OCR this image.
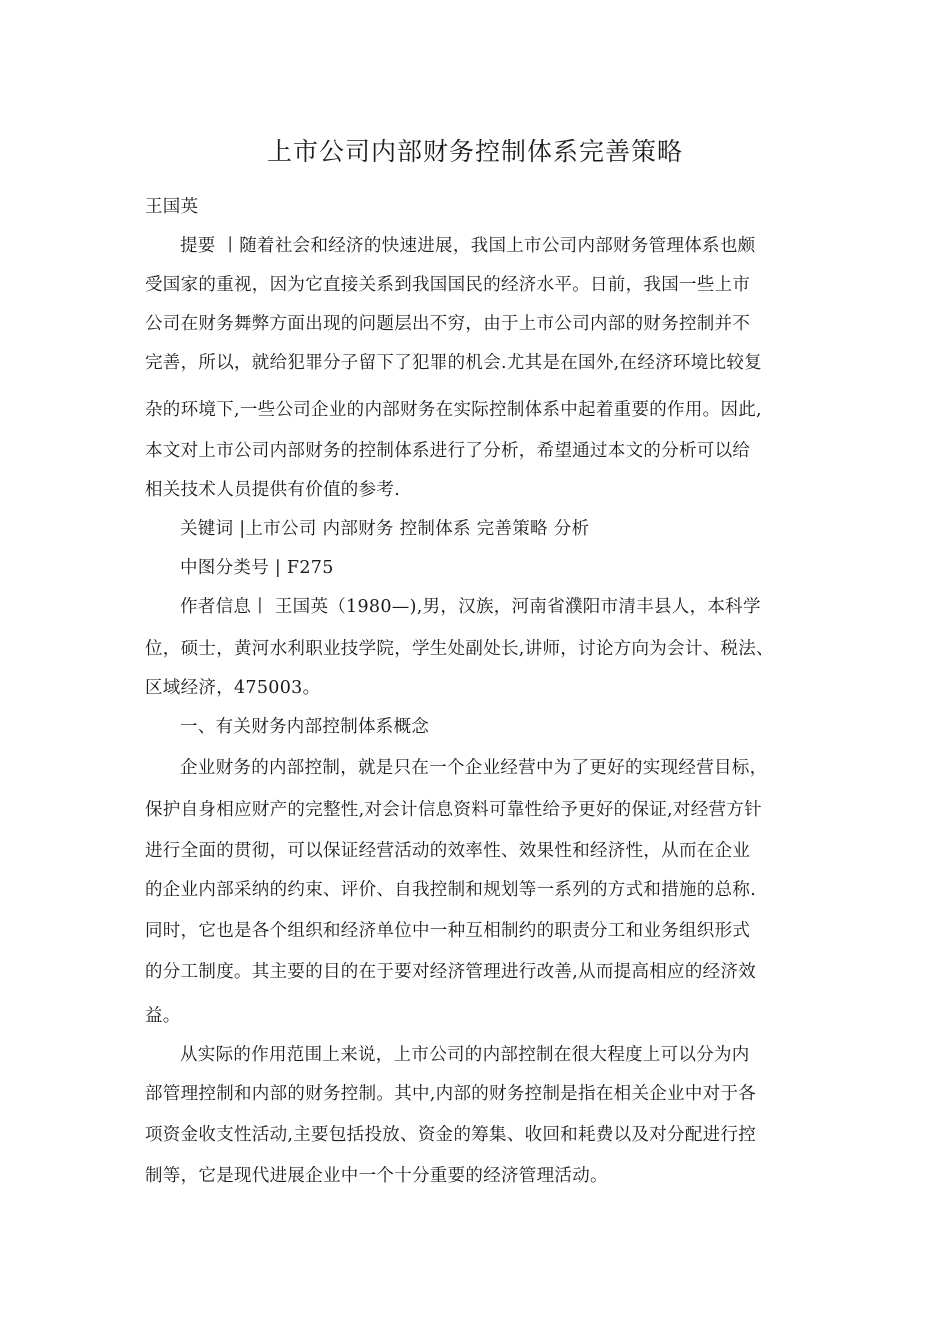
上市公司内部财务控制体系完善策略
王国英
提要 丨随着社会和经济的快速进展，我国上市公司内部财务管理体系也颇
受国家的重视，因为它直接关系到我国国民的经济水平。日前，我国一些上市
公司在财务舞弊方面出现的问题层出不穷，由于上市公司内部的财务控制并不
完善，所以，就给犯罪分子留下了犯罪的机会.尤其是在国外,在经济环境比较复
杂的环境下,一些公司企业的内部财务在实际控制体系中起着重要的作用。因此,
本文对上市公司内部财务的控制体系进行了分析，希望通过本文的分析可以给
相关技术人员提供有价值的参考.
关键词 |上市公司 内部财务 控制体系 完善策略 分析
中图分类号 | F275
作者信息丨 王国英（1980—),男，汉族，河南省濮阳市清丰县人，本科学
位，硕士，黄河水利职业技学院，学生处副处长,讲师，讨论方向为会计、税法、
区域经济，475003。
一、有关财务内部控制体系概念
企业财务的内部控制，就是只在一个企业经营中为了更好的实现经营目标，
保护自身相应财产的完整性,对会计信息资料可靠性给予更好的保证,对经营方针
进行全面的贯彻，可以保证经营活动的效率性、效果性和经济性，从而在企业
的企业内部采纳的约束、评价、自我控制和规划等一系列的方式和措施的总称.
同时，它也是各个组织和经济单位中一种互相制约的职责分工和业务组织形式
的分工制度。其主要的目的在于要对经济管理进行改善,从而提高相应的经济效
益。
从实际的作用范围上来说，上市公司的内部控制在很大程度上可以分为内
部管理控制和内部的财务控制。其中,内部的财务控制是指在相关企业中对于各
项资金收支性活动,主要包括投放、资金的筹集、收回和耗费以及对分配进行控
制等，它是现代进展企业中一个十分重要的经济管理活动。
